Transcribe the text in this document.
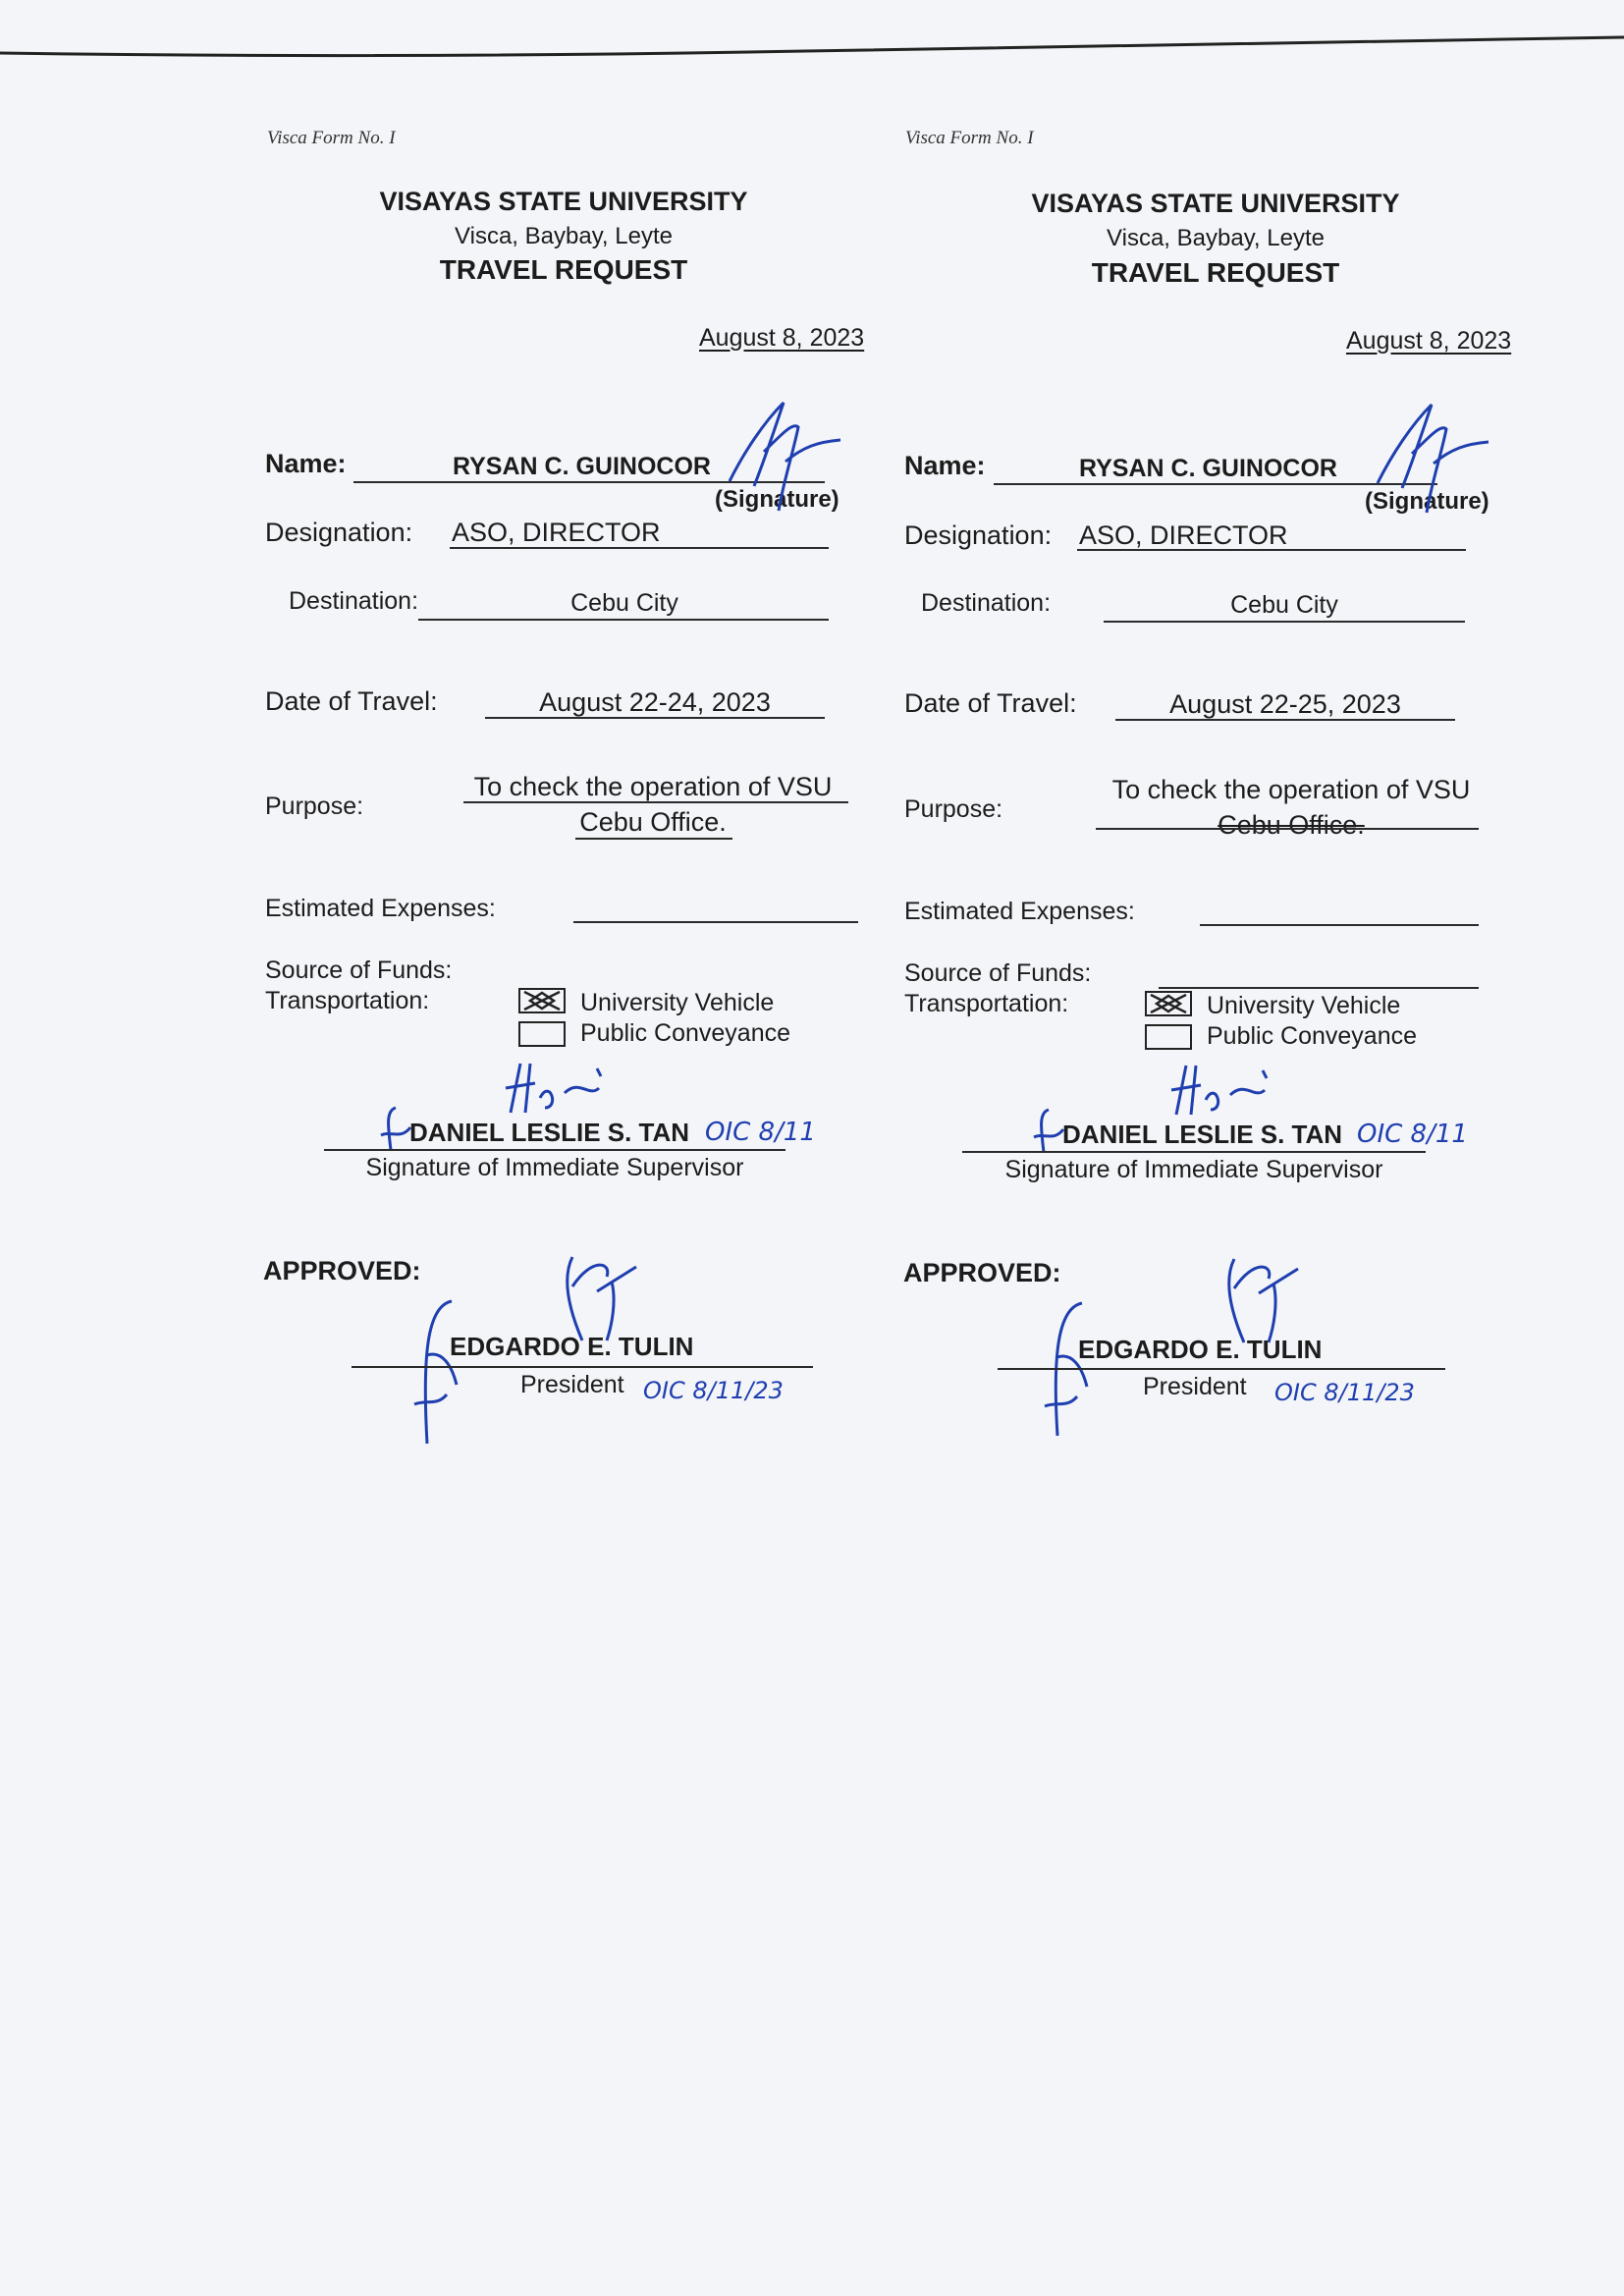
Visca Form No. I
VISAYAS STATE UNIVERSITY
Visca, Baybay, Leyte
TRAVEL REQUEST
August 8, 2023
Name:	RYSAN C. GUINOCOR
(Signature)
Designation: ASO, DIRECTOR
Destination:	Cebu City
Date of Travel:	August 22-24, 2023
Purpose:
To check the operation of VSU
Cebu Office.
Estimated Expenses:
Source of Funds:
Transportation:	University Vehicle
Public Conveyance
DANIEL LESLIE S. TAN OIC 8/11
Signature of Immediate Supervisor
APPROVED:
EDGARDO E. TULIN
President OIC 8/11/23
Visca Form No. I
VISAYAS STATE UNIVERSITY
Visca, Baybay, Leyte
TRAVEL REQUEST
August 8, 2023
Name:	RYSAN C. GUINOCOR
(Signature)
Designation: ASO, DIRECTOR
Destination:	Cebu City
Date of Travel:	August 22-25, 2023
Purpose:
To check the operation of VSU
Cebu Office.
Estimated Expenses:
Source of Funds:
Transportation:	University Vehicle
Public Conveyance
DANIEL LESLIE S. TAN OIC 8/11
Signature of Immediate Supervisor
APPROVED:
EDGARDO E. TULIN
President OIC 8/11/23
